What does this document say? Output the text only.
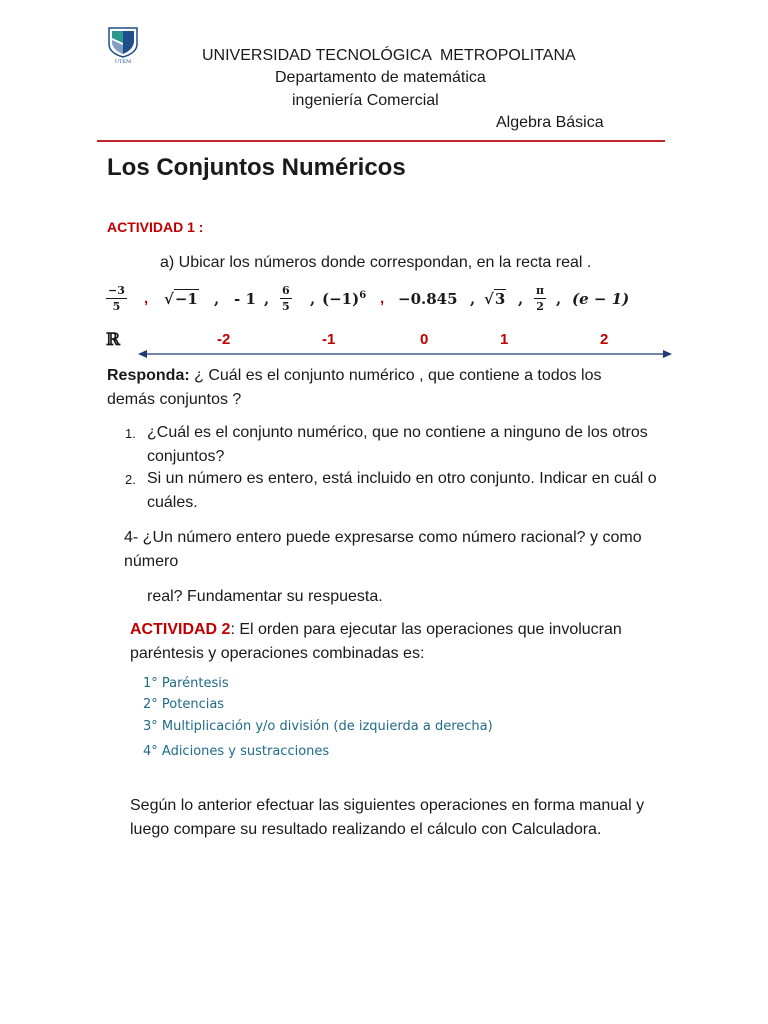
UTEM	UNIVERSIDAD TECNOLÓGICA  METROPOLITANA
Departamento de matemática
ingeniería Comercial
Algebra Básica
Los Conjuntos Numéricos
ACTIVIDAD 1 :
a) Ubicar los números donde correspondan, en la recta real .
$\frac{-3}{5}$ , √−1 , - 1 , $\frac{6}{5}$ , $(-1)^6$ , −0.845 , √3 , $\frac{\pi}{2}$ , (e − 1)
ℝ	-2	-1	0	1	2
Responda: ¿ Cuál es el conjunto numérico , que contiene a todos los demás conjuntos ?
1. ¿Cuál es el conjunto numérico, que no contiene a ninguno de los otros conjuntos?
2. Si un número es entero, está incluido en otro conjunto. Indicar en cuál o cuáles.
4- ¿Un número entero puede expresarse como número racional? y como número
real? Fundamentar su respuesta.
ACTIVIDAD 2: El orden para ejecutar las operaciones que involucran paréntesis y operaciones combinadas es:
1° Paréntesis
2° Potencias
3° Multiplicación y/o división (de izquierda a derecha)
4° Adiciones y sustracciones
Según lo anterior efectuar las siguientes operaciones en forma manual y luego compare su resultado realizando el cálculo con Calculadora.
